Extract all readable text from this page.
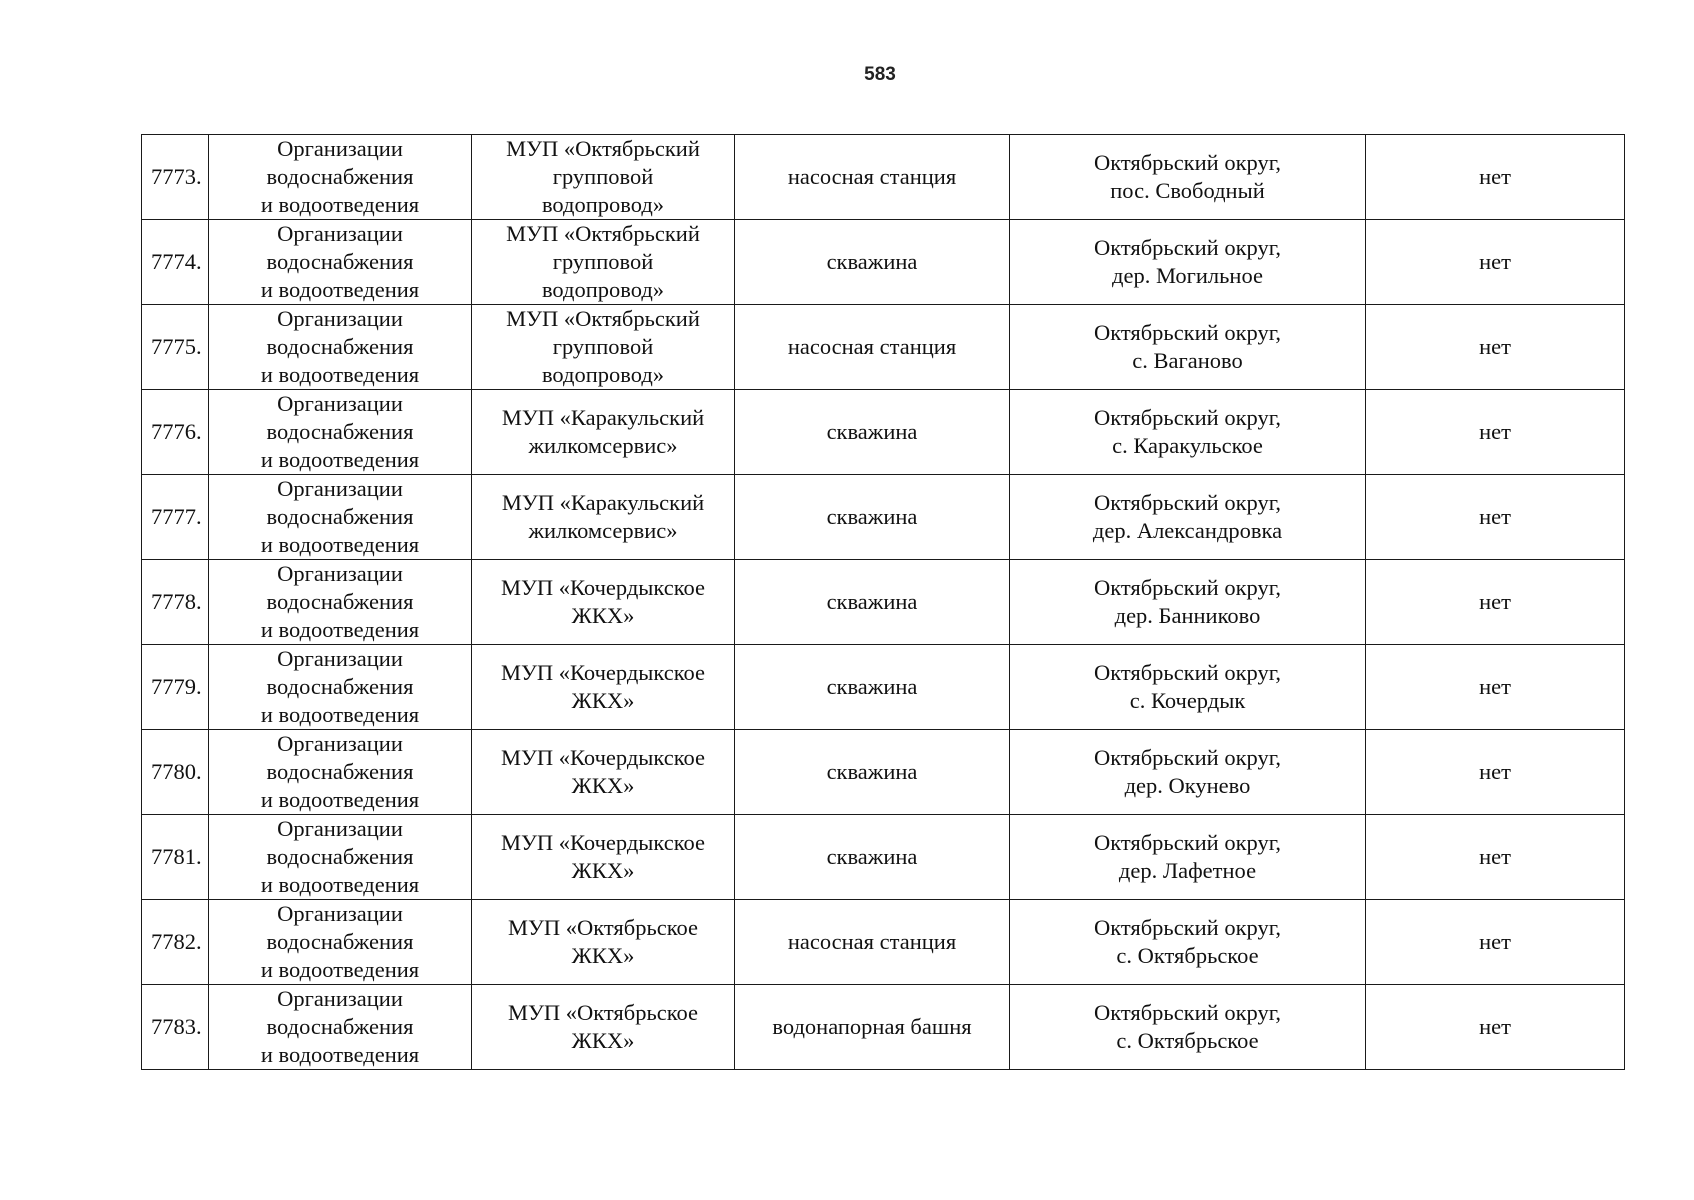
583
7773.	Организации
водоснабжения
и водоотведения	МУП «Октябрьский
групповой
водопровод»	насосная станция	Октябрьский округ,
пос. Свободный	нет
7774.	Организации
водоснабжения
и водоотведения	МУП «Октябрьский
групповой
водопровод»	скважина	Октябрьский округ,
дер. Могильное	нет
7775.	Организации
водоснабжения
и водоотведения	МУП «Октябрьский
групповой
водопровод»	насосная станция	Октябрьский округ,
с. Ваганово	нет
7776.	Организации
водоснабжения
и водоотведения	МУП «Каракульский
жилкомсервис»	скважина	Октябрьский округ,
с. Каракульское	нет
7777.	Организации
водоснабжения
и водоотведения	МУП «Каракульский
жилкомсервис»	скважина	Октябрьский округ,
дер. Александровка	нет
7778.	Организации
водоснабжения
и водоотведения	МУП «Кочердыкское
ЖКХ»	скважина	Октябрьский округ,
дер. Банниково	нет
7779.	Организации
водоснабжения
и водоотведения	МУП «Кочердыкское
ЖКХ»	скважина	Октябрьский округ,
с. Кочердык	нет
7780.	Организации
водоснабжения
и водоотведения	МУП «Кочердыкское
ЖКХ»	скважина	Октябрьский округ,
дер. Окунево	нет
7781.	Организации
водоснабжения
и водоотведения	МУП «Кочердыкское
ЖКХ»	скважина	Октябрьский округ,
дер. Лафетное	нет
7782.	Организации
водоснабжения
и водоотведения	МУП «Октябрьское
ЖКХ»	насосная станция	Октябрьский округ,
с. Октябрьское	нет
7783.	Организации
водоснабжения
и водоотведения	МУП «Октябрьское
ЖКХ»	водонапорная башня	Октябрьский округ,
с. Октябрьское	нет
